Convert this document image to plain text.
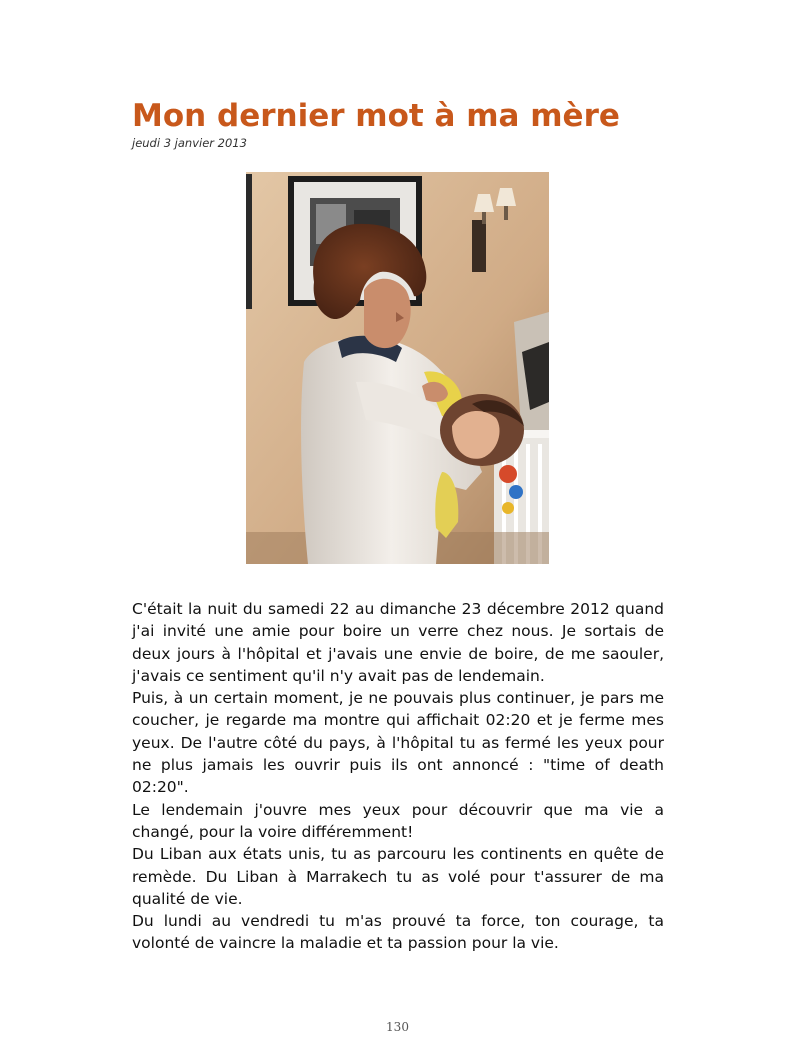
Mon dernier mot à ma mère
jeudi 3 janvier 2013

C'était la nuit du samedi 22 au dimanche 23 décembre 2012 quand j'ai invité une amie pour boire un verre chez nous. Je sortais de deux jours à l'hôpital et j'avais une envie de boire, de me saouler, j'avais ce sentiment qu'il n'y avait pas de lendemain.

Puis, à un certain moment, je ne pouvais plus continuer, je pars me coucher, je regarde ma montre qui affichait 02:20 et je ferme mes yeux. De l'autre côté du pays, à l'hôpital tu as fermé les yeux pour ne plus jamais les ouvrir puis ils ont annoncé : "time of death 02:20".

Le lendemain j'ouvre mes yeux pour découvrir que ma vie a changé, pour la voire différemment!

Du Liban aux états unis, tu as parcouru les continents en quête de remède. Du Liban à Marrakech tu as volé pour t'assurer de ma qualité de vie.

Du lundi au vendredi tu m'as prouvé ta force, ton courage, ta volonté de vaincre la maladie et ta passion pour la vie.

130
